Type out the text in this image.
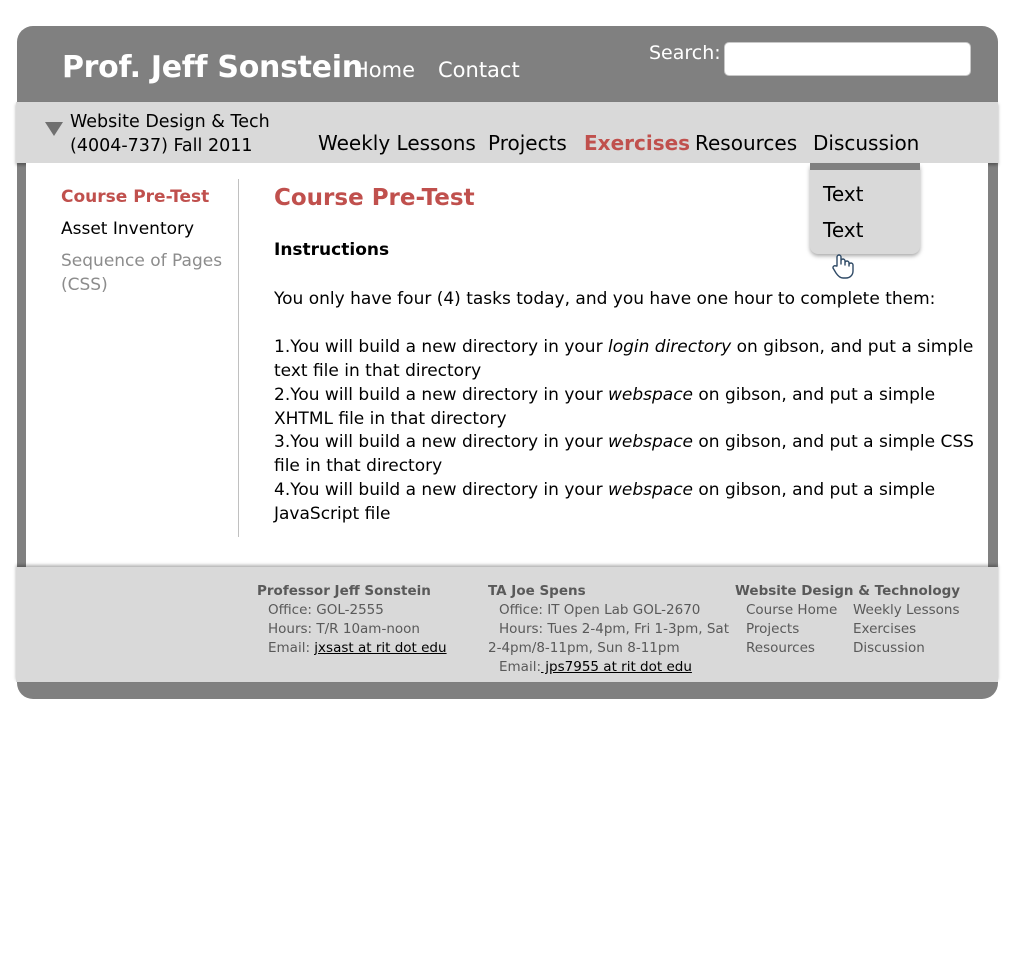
Prof. Jeff Sonstein
Home Contact
Search:
Website Design & Tech
(4004-737) Fall 2011	Weekly Lessons Projects Exercises Resources Discussion
Course Pre-Test
Asset Inventory
Sequence of Pages
(CSS)
Course Pre-Test
Instructions
You only have four (4) tasks today, and you have one hour to complete them:
1.You will build a new directory in your login directory on gibson, and put a simple text file in that directory
2.You will build a new directory in your webspace on gibson, and put a simple XHTML file in that directory
3.You will build a new directory in your webspace on gibson, and put a simple CSS file in that directory
4.You will build a new directory in your webspace on gibson, and put a simple JavaScript file
Text
Text
Professor Jeff Sonstein
Office: GOL-2555
Hours: T/R 10am-noon
Email: jxsast at rit dot edu
TA Joe Spens
Office: IT Open Lab GOL-2670
Hours: Tues 2-4pm, Fri 1-3pm, Sat
2-4pm/8-11pm, Sun 8-11pm
Email: jps7955 at rit dot edu
Website Design & Technology
Course Home
Projects
Resources
Weekly Lessons
Exercises
Discussion
